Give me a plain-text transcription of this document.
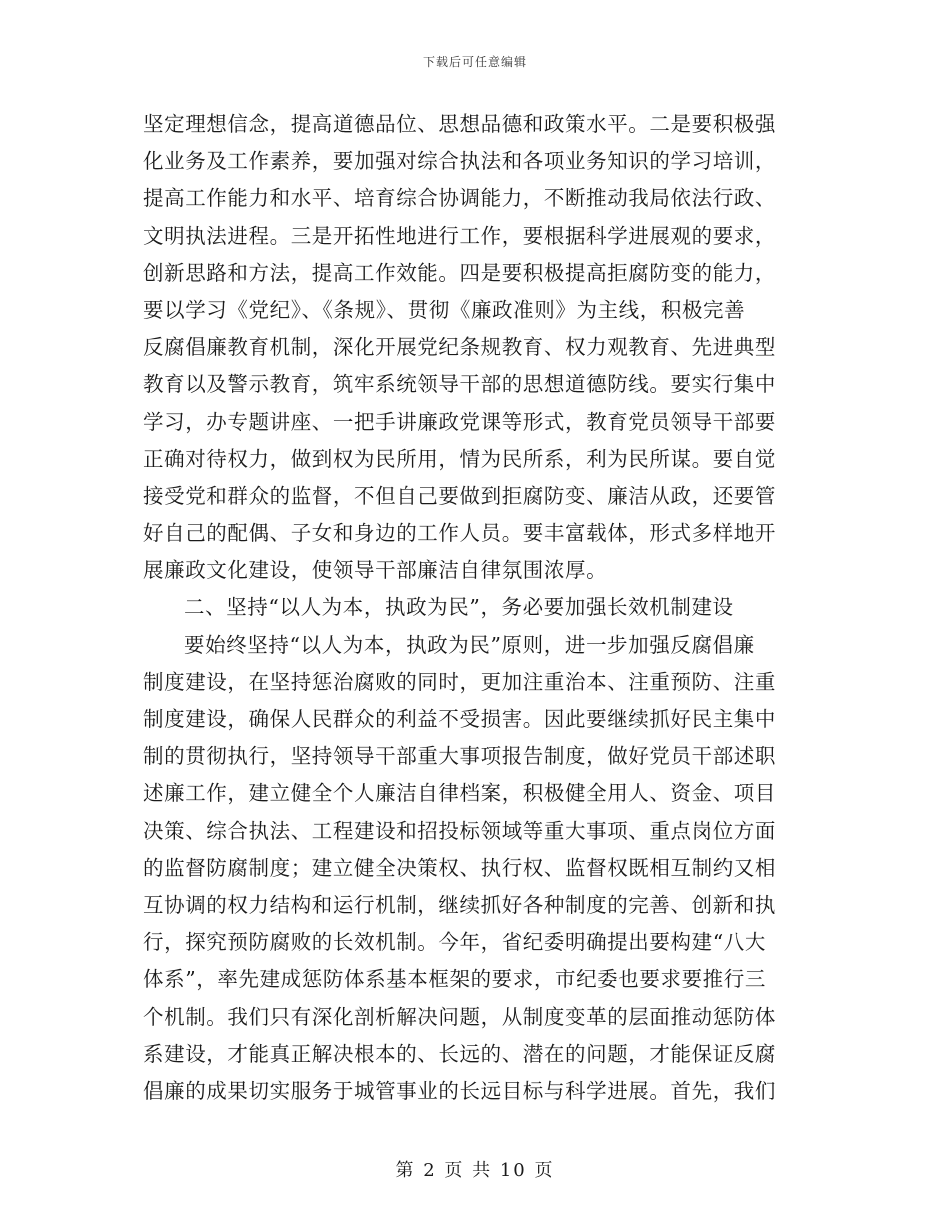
下载后可任意编辑
坚定理想信念，提高道德品位、思想品德和政策水平。二是要积极强
化业务及工作素养，要加强对综合执法和各项业务知识的学习培训，
提高工作能力和水平、培育综合协调能力，不断推动我局依法行政、
文明执法进程。三是开拓性地进行工作，要根据科学进展观的要求，
创新思路和方法，提高工作效能。四是要积极提高拒腐防变的能力，
要以学习《党纪》、《条规》、贯彻《廉政准则》为主线，积极完善
反腐倡廉教育机制，深化开展党纪条规教育、权力观教育、先进典型
教育以及警示教育，筑牢系统领导干部的思想道德防线。要实行集中
学习，办专题讲座、一把手讲廉政党课等形式，教育党员领导干部要
正确对待权力，做到权为民所用，情为民所系，利为民所谋。要自觉
接受党和群众的监督，不但自己要做到拒腐防变、廉洁从政，还要管
好自己的配偶、子女和身边的工作人员。要丰富载体，形式多样地开
展廉政文化建设，使领导干部廉洁自律氛围浓厚。
二、坚持“以人为本，执政为民”，务必要加强长效机制建设
要始终坚持“以人为本，执政为民”原则，进一步加强反腐倡廉
制度建设，在坚持惩治腐败的同时，更加注重治本、注重预防、注重
制度建设，确保人民群众的利益不受损害。因此要继续抓好民主集中
制的贯彻执行，坚持领导干部重大事项报告制度，做好党员干部述职
述廉工作，建立健全个人廉洁自律档案，积极健全用人、资金、项目
决策、综合执法、工程建设和招投标领域等重大事项、重点岗位方面
的监督防腐制度；建立健全决策权、执行权、监督权既相互制约又相
互协调的权力结构和运行机制，继续抓好各种制度的完善、创新和执
行，探究预防腐败的长效机制。今年，省纪委明确提出要构建“八大
体系”，率先建成惩防体系基本框架的要求，市纪委也要求要推行三
个机制。我们只有深化剖析解决问题，从制度变革的层面推动惩防体
系建设，才能真正解决根本的、长远的、潜在的问题，才能保证反腐
倡廉的成果切实服务于城管事业的长远目标与科学进展。首先，我们
第 2 页 共 10 页
